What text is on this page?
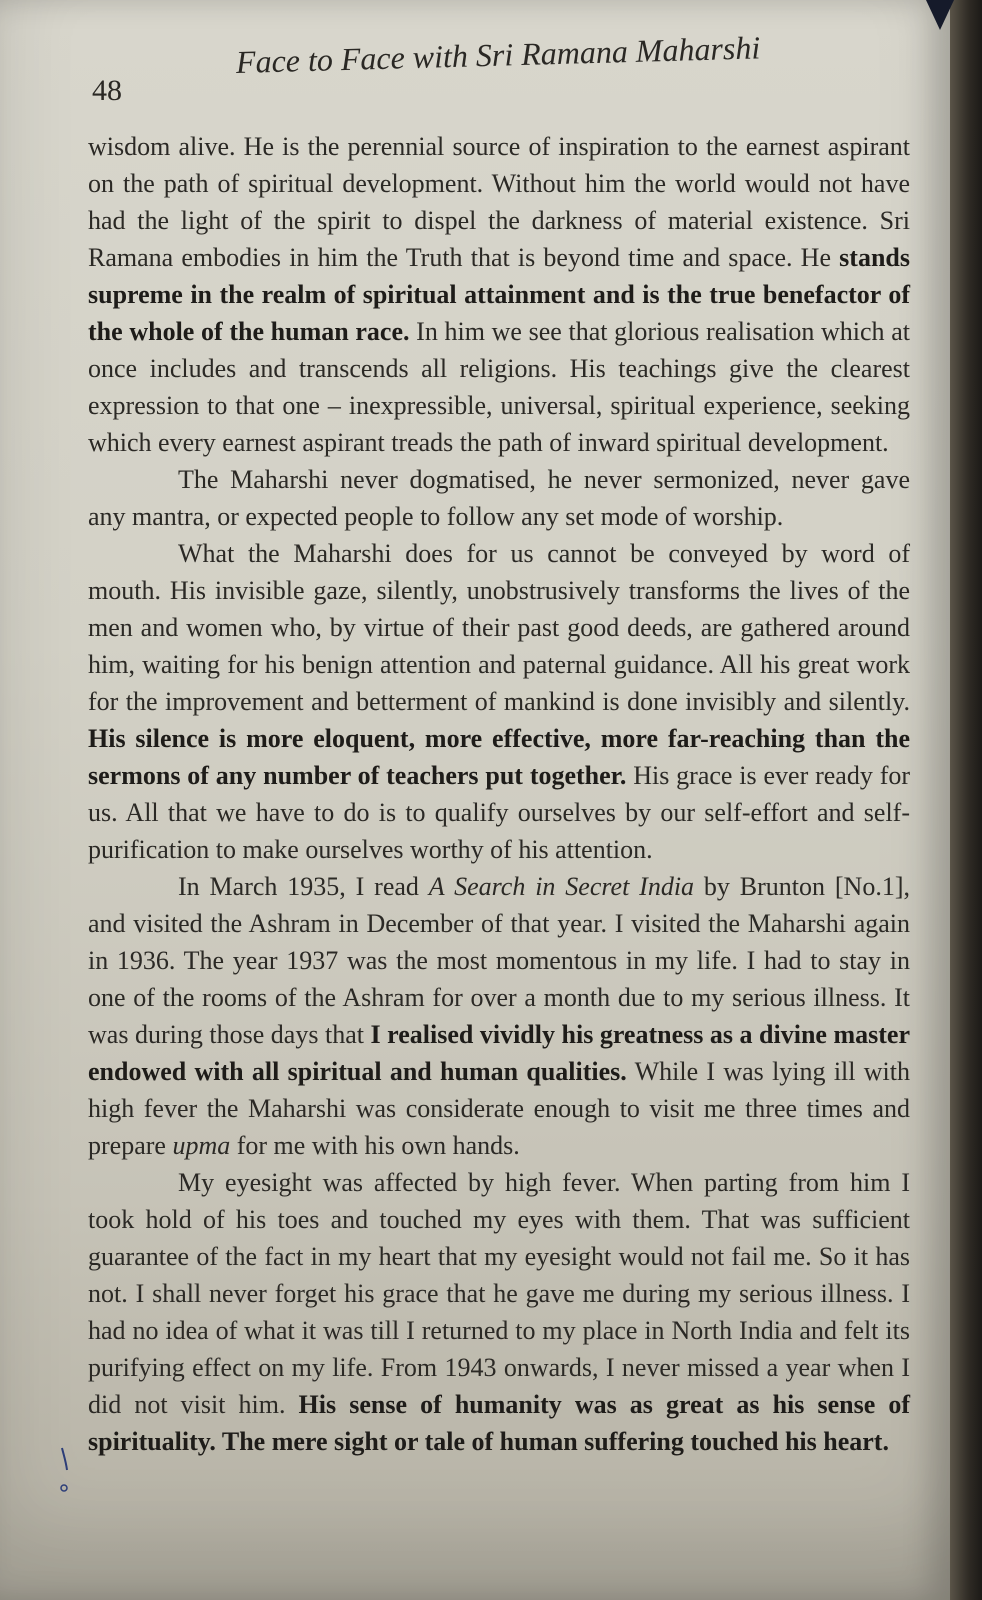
48
Face to Face with Sri Ramana Maharshi

wisdom alive. He is the perennial source of inspiration to the earnest aspirant on the path of spiritual development. Without him the world would not have had the light of the spirit to dispel the darkness of material existence. Sri Ramana embodies in him the Truth that is beyond time and space. He stands supreme in the realm of spiritual attainment and is the true benefactor of the whole of the human race. In him we see that glorious realisation which at once includes and transcends all religions. His teachings give the clearest expression to that one – inexpressible, universal, spiritual experience, seeking which every earnest aspirant treads the path of inward spiritual development.

The Maharshi never dogmatised, he never sermonized, never gave any mantra, or expected people to follow any set mode of worship.

What the Maharshi does for us cannot be conveyed by word of mouth. His invisible gaze, silently, unobstrusively transforms the lives of the men and women who, by virtue of their past good deeds, are gathered around him, waiting for his benign attention and paternal guidance. All his great work for the improvement and betterment of mankind is done invisibly and silently. His silence is more eloquent, more effective, more far-reaching than the sermons of any number of teachers put together. His grace is ever ready for us. All that we have to do is to qualify ourselves by our self-effort and self-purification to make ourselves worthy of his attention.

In March 1935, I read A Search in Secret India by Brunton [No.1], and visited the Ashram in December of that year. I visited the Maharshi again in 1936. The year 1937 was the most momentous in my life. I had to stay in one of the rooms of the Ashram for over a month due to my serious illness. It was during those days that I realised vividly his greatness as a divine master endowed with all spiritual and human qualities. While I was lying ill with high fever the Maharshi was considerate enough to visit me three times and prepare upma for me with his own hands.

My eyesight was affected by high fever. When parting from him I took hold of his toes and touched my eyes with them. That was sufficient guarantee of the fact in my heart that my eyesight would not fail me. So it has not. I shall never forget his grace that he gave me during my serious illness. I had no idea of what it was till I returned to my place in North India and felt its purifying effect on my life. From 1943 onwards, I never missed a year when I did not visit him. His sense of humanity was as great as his sense of spirituality. The mere sight or tale of human suffering touched his heart.
